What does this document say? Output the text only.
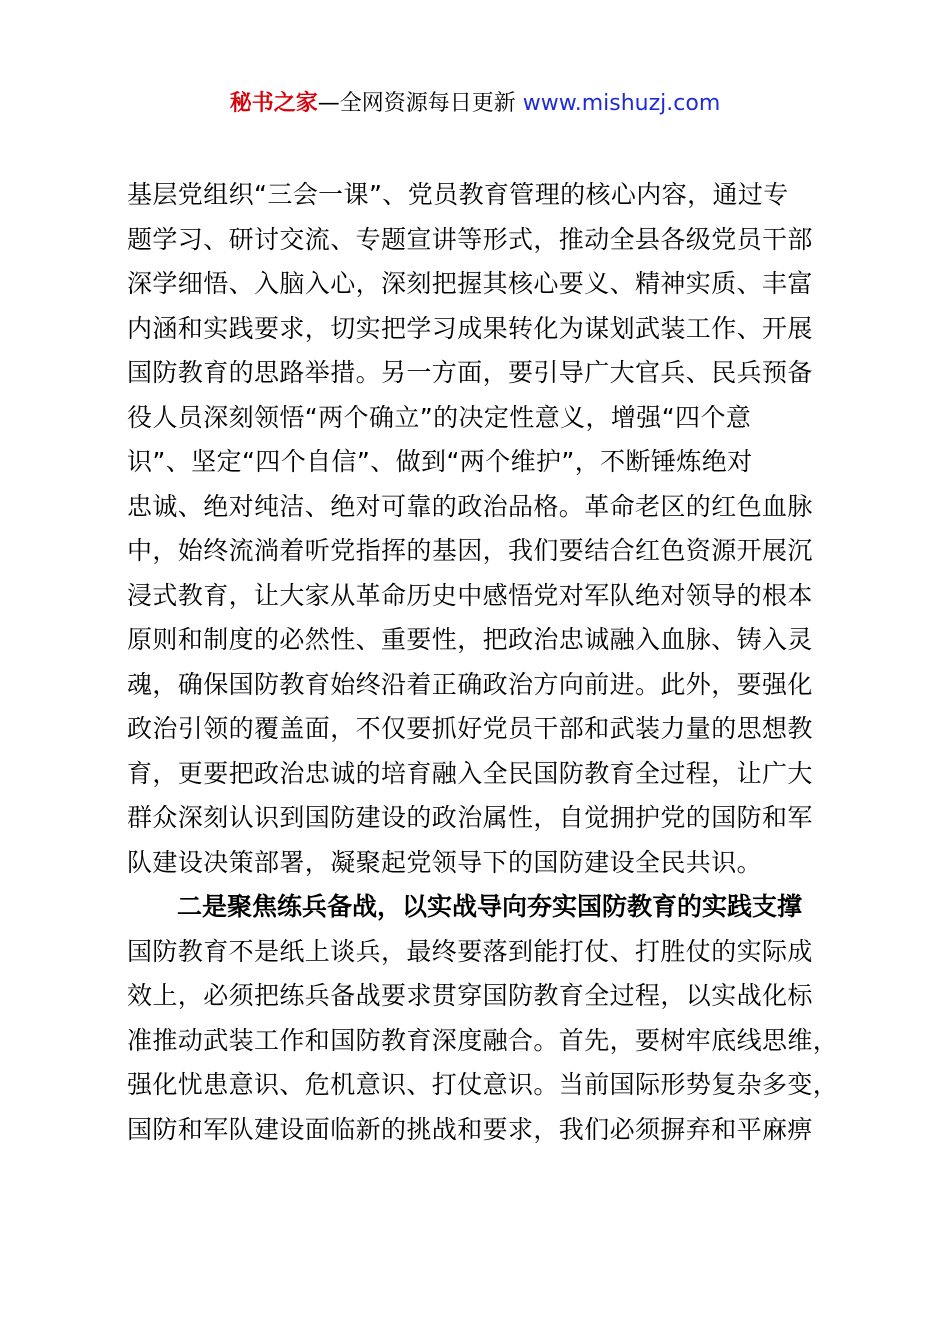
秘书之家—全网资源每日更新 www.mishuzj.com
基层党组织“三会一课”、党员教育管理的核心内容，通过专
题学习、研讨交流、专题宣讲等形式，推动全县各级党员干部
深学细悟、入脑入心，深刻把握其核心要义、精神实质、丰富
内涵和实践要求，切实把学习成果转化为谋划武装工作、开展
国防教育的思路举措。另一方面，要引导广大官兵、民兵预备
役人员深刻领悟“两个确立”的决定性意义，增强“四个意
识”、坚定“四个自信”、做到“两个维护”，不断锤炼绝对
忠诚、绝对纯洁、绝对可靠的政治品格。革命老区的红色血脉
中，始终流淌着听党指挥的基因，我们要结合红色资源开展沉
浸式教育，让大家从革命历史中感悟党对军队绝对领导的根本
原则和制度的必然性、重要性，把政治忠诚融入血脉、铸入灵
魂，确保国防教育始终沿着正确政治方向前进。此外，要强化
政治引领的覆盖面，不仅要抓好党员干部和武装力量的思想教
育，更要把政治忠诚的培育融入全民国防教育全过程，让广大
群众深刻认识到国防建设的政治属性，自觉拥护党的国防和军
队建设决策部署，凝聚起党领导下的国防建设全民共识。
二是聚焦练兵备战，以实战导向夯实国防教育的实践支撑
国防教育不是纸上谈兵，最终要落到能打仗、打胜仗的实际成
效上，必须把练兵备战要求贯穿国防教育全过程，以实战化标
准推动武装工作和国防教育深度融合。首先，要树牢底线思维，
强化忧患意识、危机意识、打仗意识。当前国际形势复杂多变，
国防和军队建设面临新的挑战和要求，我们必须摒弃和平麻痹
